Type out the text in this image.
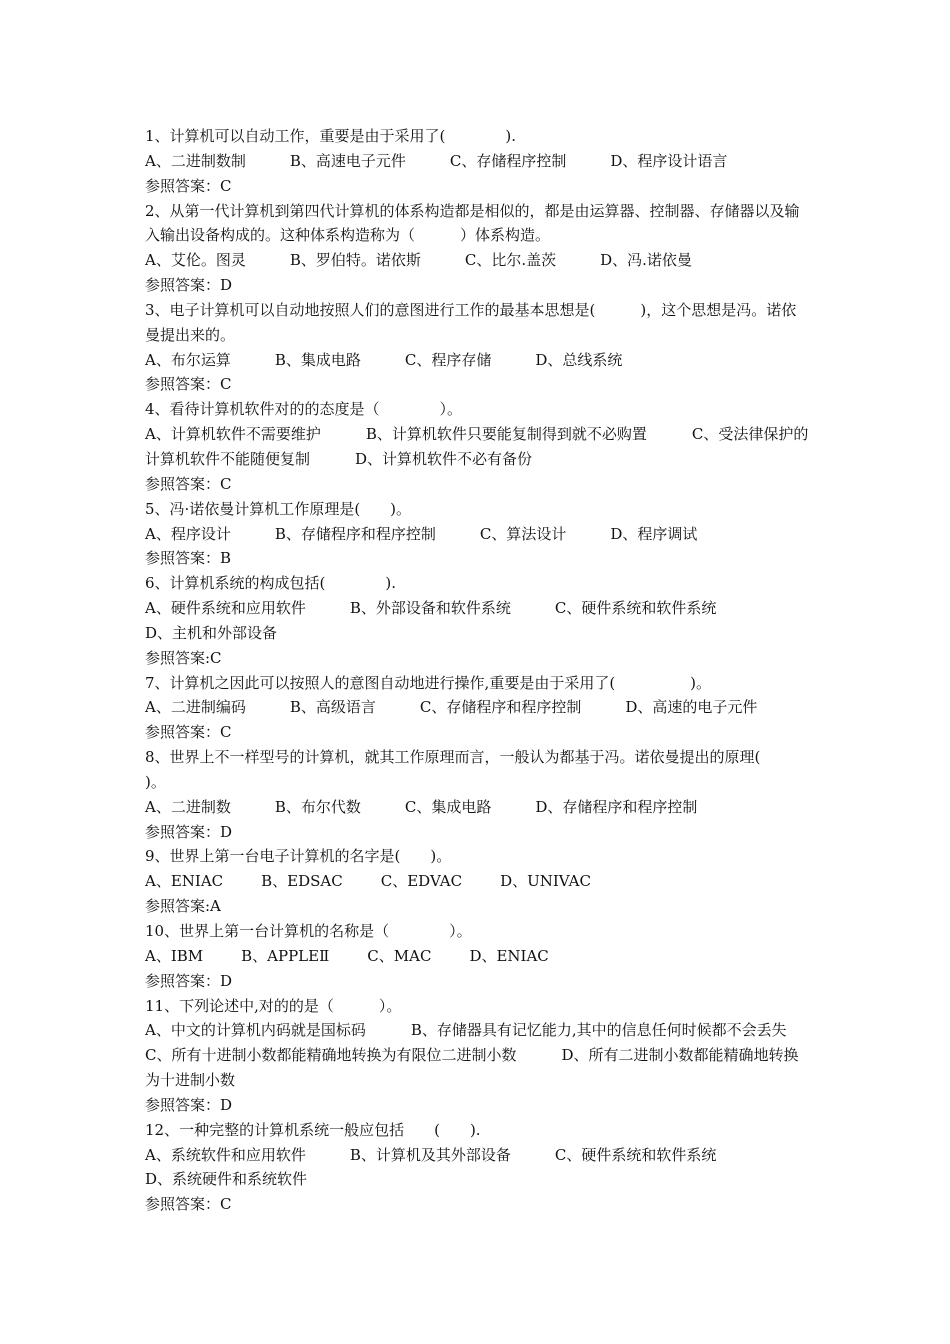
1、计算机可以自动工作，重要是由于采用了(　　　　).
A、二进制数制	B、高速电子元件	C、存储程序控制	D、程序设计语言
参照答案：C
2、从第一代计算机到第四代计算机的体系构造都是相似的，都是由运算器、控制器、存储器以及输入输出设备构成的。这种体系构造称为（　　　）体系构造。
A、艾伦。图灵	B、罗伯特。诺依斯	C、比尔.盖茨	D、冯.诺依曼
参照答案：D
3、电子计算机可以自动地按照人们的意图进行工作的最基本思想是(　　　)，这个思想是冯。诺依曼提出来的。
A、布尔运算	B、集成电路	C、程序存储	D、总线系统
参照答案：C
4、看待计算机软件对的的态度是（　　　　）。
A、计算机软件不需要维护　　　B、计算机软件只要能复制得到就不必购置　　　C、受法律保护的计算机软件不能随便复制　　　D、计算机软件不必有备份
参照答案：C
5、冯·诺依曼计算机工作原理是(　　)。
A、程序设计	B、存储程序和程序控制	C、算法设计	D、程序调试
参照答案：B
6、计算机系统的构成包括(　　　　).
A、硬件系统和应用软件	B、外部设备和软件系统	C、硬件系统和软件系统
D、主机和外部设备
参照答案:C
7、计算机之因此可以按照人的意图自动地进行操作,重要是由于采用了(　　　　　)。
A、二进制编码	B、高级语言	C、存储程序和程序控制	D、高速的电子元件
参照答案：C
8、世界上不一样型号的计算机，就其工作原理而言，一般认为都基于冯。诺依曼提出的原理(　　　)。
A、二进制数	B、布尔代数	C、集成电路	D、存储程序和程序控制
参照答案：D
9、世界上第一台电子计算机的名字是(　　)。
A、ENIAC	B、EDSAC	C、EDVAC	D、UNIVAC
参照答案:A
10、世界上第一台计算机的名称是（　　　　）。
A、IBM	B、APPLEⅡ	C、MAC	D、ENIAC
参照答案：D
11、下列论述中,对的的是（　　　）。
A、中文的计算机内码就是国标码　　　B、存储器具有记忆能力,其中的信息任何时候都不会丢失　　　C、所有十进制小数都能精确地转换为有限位二进制小数　　　D、所有二进制小数都能精确地转换为十进制小数
参照答案：D
12、一种完整的计算机系统一般应包括　　(　　).
A、系统软件和应用软件	B、计算机及其外部设备	C、硬件系统和软件系统
D、系统硬件和系统软件
参照答案：C
